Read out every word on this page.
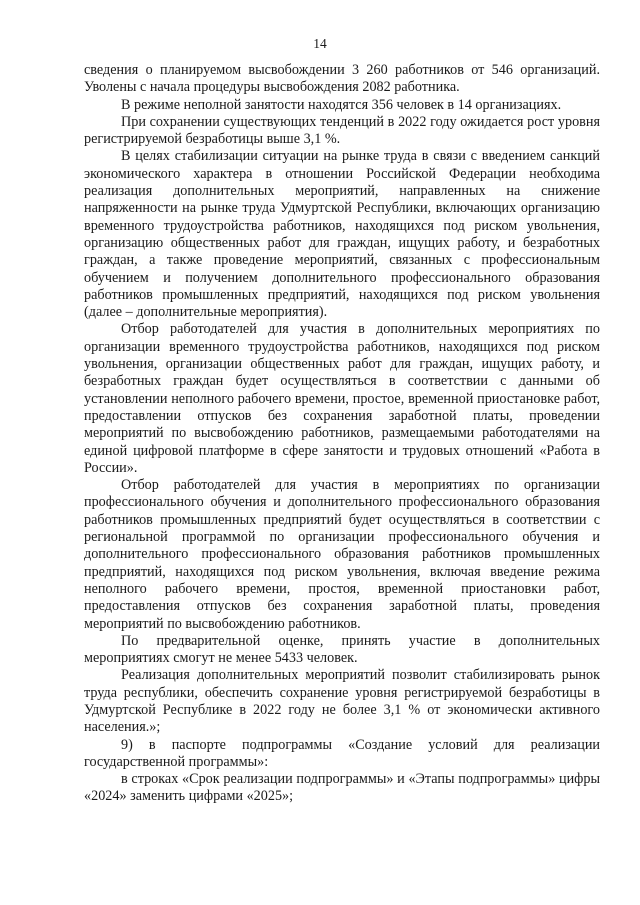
14

сведения о планируемом высвобождении 3 260 работников от 546 организаций. Уволены с начала процедуры высвобождения 2082 работника.

В режиме неполной занятости находятся 356 человек в 14 организациях.

При сохранении существующих тенденций в 2022 году ожидается рост уровня регистрируемой безработицы выше 3,1 %.

В целях стабилизации ситуации на рынке труда в связи с введением санкций экономического характера в отношении Российской Федерации необходима реализация дополнительных мероприятий, направленных на снижение напряженности на рынке труда Удмуртской Республики, включающих организацию временного трудоустройства работников, находящихся под риском увольнения, организацию общественных работ для граждан, ищущих работу, и безработных граждан, а также проведение мероприятий, связанных с профессиональным обучением и получением дополнительного профессионального образования работников промышленных предприятий, находящихся под риском увольнения (далее – дополнительные мероприятия).

Отбор работодателей для участия в дополнительных мероприятиях по организации временного трудоустройства работников, находящихся под риском увольнения, организации общественных работ для граждан, ищущих работу, и безработных граждан будет осуществляться в соответствии с данными об установлении неполного рабочего времени, простое, временной приостановке работ, предоставлении отпусков без сохранения заработной платы, проведении мероприятий по высвобождению работников, размещаемыми работодателями на единой цифровой платформе в сфере занятости и трудовых отношений «Работа в России».

Отбор работодателей для участия в мероприятиях по организации профессионального обучения и дополнительного профессионального образования работников промышленных предприятий будет осуществляться в соответствии с региональной программой по организации профессионального обучения и дополнительного профессионального образования работников промышленных предприятий, находящихся под риском увольнения, включая введение режима неполного рабочего времени, простоя, временной приостановки работ, предоставления отпусков без сохранения заработной платы, проведения мероприятий по высвобождению работников.

По предварительной оценке, принять участие в дополнительных мероприятиях смогут не менее 5433 человек.

Реализация дополнительных мероприятий позволит стабилизировать рынок труда республики, обеспечить сохранение уровня регистрируемой безработицы в Удмуртской Республике в 2022 году не более 3,1 % от экономически активного населения.»;

9) в паспорте подпрограммы «Создание условий для реализации государственной программы»:

в строках «Срок реализации подпрограммы» и «Этапы подпрограммы» цифры «2024» заменить цифрами «2025»;
